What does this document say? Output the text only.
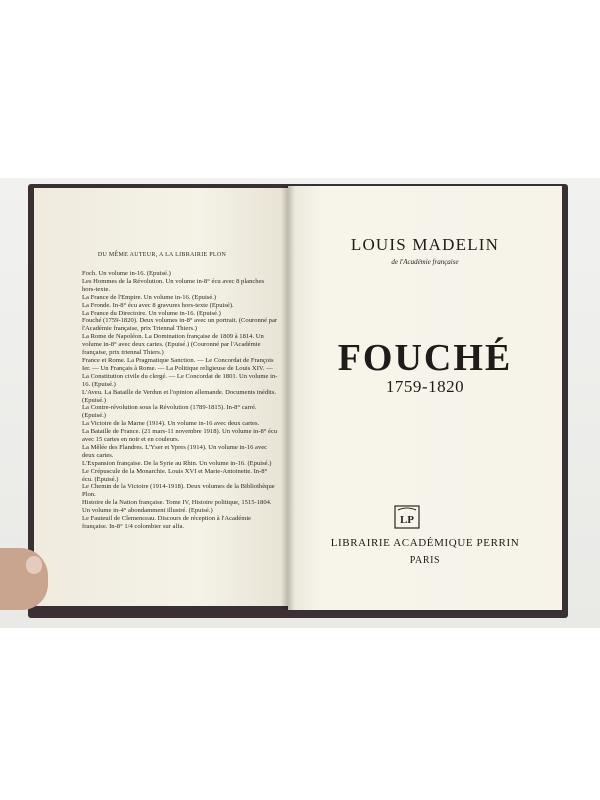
DU MÊME AUTEUR, A LA LIBRAIRIE PLON
Foch. Un volume in-16. (Epuisé.)
Les Hommes de la Révolution. Un volume in-8° écu avec 8 planches hors-texte.
La France de l'Empire. Un volume in-16. (Epuisé.)
La Fronde. In-8° écu avec 8 gravures hors-texte (Epuisé).
La France du Directoire. Un volume in-16. (Epuisé.)
Fouché (1759-1820). Deux volumes in-8° avec un portrait. (Couronné par l'Académie française, prix Triennal Thiers.)
La Rome de Napoléon. La Domination française de 1809 à 1814. Un volume in-8° avec deux cartes. (Epuisé.) (Couronné par l'Académie française, prix triennal Thiers.)
France et Rome. La Pragmatique Sanction. — Le Concordat de François Ier. — Un Français à Rome. — La Politique religieuse de Louis XIV. — La Constitution civile du clergé. — Le Concordat de 1801. Un volume in-16. (Epuisé.)
L'Aveu. La Bataille de Verdun et l'opinion allemande. Documents inédits. (Epuisé.)
La Contre-révolution sous la Révolution (1789-1815). In-8° carré. (Epuisé.)
La Victoire de la Marne (1914). Un volume in-16 avec deux cartes.
La Bataille de France. (21 mars-11 novembre 1918). Un volume in-8° écu avec 15 cartes en noir et en couleurs.
La Mêlée des Flandres. L'Yser et Ypres (1914). Un volume in-16 avec deux cartes.
L'Expansion française. De la Syrie au Rhin. Un volume in-16. (Epuisé.)
Le Crépuscule de la Monarchie. Louis XVI et Marie-Antoinette. In-8° écu. (Epuisé.)
Le Chemin de la Victoire (1914-1918). Deux volumes de la Bibliothèque Plon.
Histoire de la Nation française. Tome IV, Histoire politique, 1515-1804. Un volume in-4° abondamment illustré. (Epuisé.)
Le Fauteuil de Clemenceau. Discours de réception à l'Académie française. In-8° 1/4 colombier sur alfa.
LOUIS MADELIN
de l'Académie française
FOUCHÉ
1759-1820
LP
LIBRAIRIE ACADÉMIQUE PERRIN
PARIS
